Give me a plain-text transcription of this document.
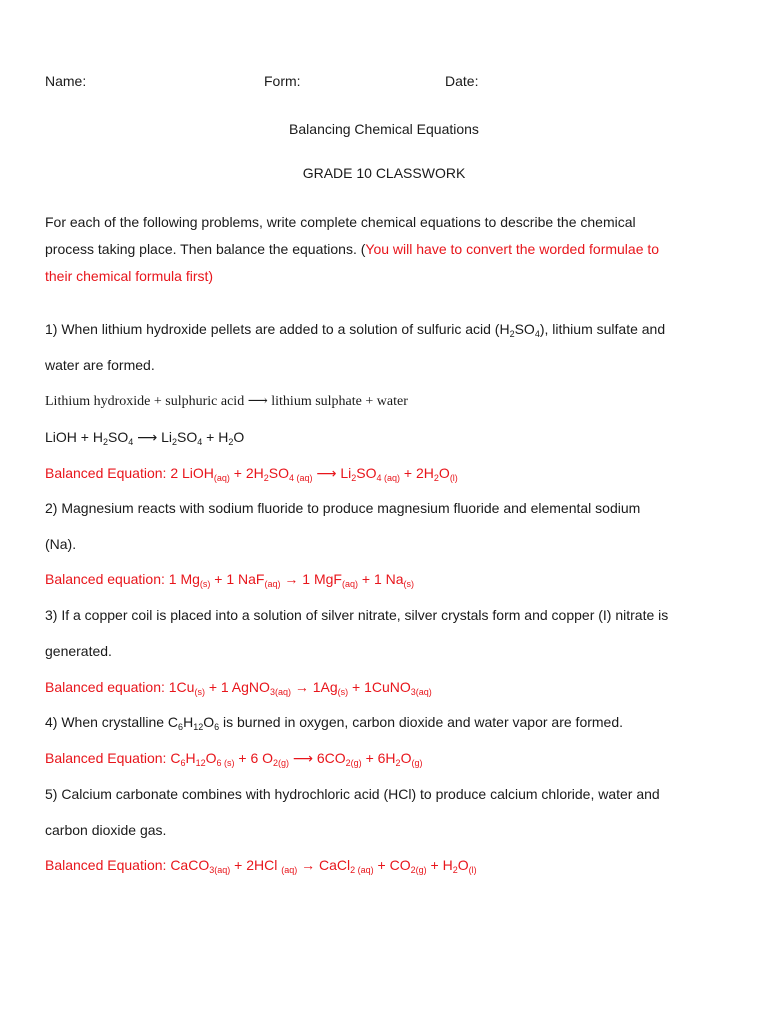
Name:	Form:	Date:
Balancing Chemical Equations
GRADE 10 CLASSWORK
For each of the following problems, write complete chemical equations to describe the chemical
process taking place. Then balance the equations. (You will have to convert the worded formulae to
their chemical formula first)
1) When lithium hydroxide pellets are added to a solution of sulfuric acid $(H_2SO_4)$, lithium sulfate and
water are formed.
Lithium hydroxide + sulphuric acid ⟶ lithium sulphate + water
LiOH + $H_2SO_4$ ⟶ $Li_2SO_4 + H_2O$
Balanced Equation: 2 LiOH$_{(aq)}$ + $2H_2SO_{4 (aq)}$ ⟶ $Li_2SO_{4 (aq)} + 2H_2O_{(l)}$
2) Magnesium reacts with sodium fluoride to produce magnesium fluoride and elemental sodium
(Na).
Balanced equation: 1 $Mg_{(s)} + 1$ NaF$_{(aq)}$ → 1 MgF$_{(aq)}$ + 1 $Na_{(s)}$
3) If a copper coil is placed into a solution of silver nitrate, silver crystals form and copper (I) nitrate is
generated.
Balanced equation: $1Cu_{(s)} + 1$ AgNO$_{3(aq)}$ → $1Ag_{(s)}$ + 1CuNO$_{3(aq)}$
4) When crystalline $C_6H_{12}O_6$ is burned in oxygen, carbon dioxide and water vapor are formed.
Balanced Equation: $C_6H_{12}O_{6 (s)} + 6$ $O_{2(g)}$ ⟶ $6CO_{2(g)} + 6H_2O_{(g)}$
5) Calcium carbonate combines with hydrochloric acid (HCl) to produce calcium chloride, water and
carbon dioxide gas.
Balanced Equation: CaCO$_{3(aq)}$ + 2HCl $_{(aq)}$ → CaCl$_{2 (aq)}$ + $CO_{2(g)} + H_2O_{(l)}$
